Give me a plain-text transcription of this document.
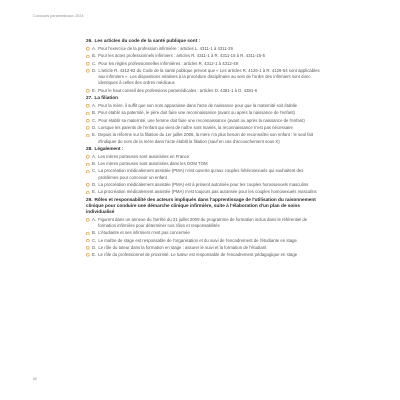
Concours paramédicaux 2024
26. Les articles du code de la santé publique sont :
A. Pour l'exercice de la profession infirmière : articles L. 4311-1 à 4311-29
B. Pour les actes professionnels infirmiers : articles R. 4311-1 à R. 4311-15 à R. 4311-15-5
C. Pour les règles professionnelles infirmières : articles R. 4312-1 à 4312-49
D. L'article R. 4312-92 du Code de la santé publique prévoit que « Les articles R. 4126-1 à R. 4126-54 sont applicables aux infirmiers ». Les dispositions relatives à la procédure disciplinaire au sein de l'ordre des infirmiers sont donc identiques à celles des ordres médicaux
E. Pour le haut conseil des professions paramédicales : articles D. 4381-1 à D. 4381-6
27. La filiation
A. Pour la mère, il suffit que son nom apparaisse dans l'acte de naissance pour que la maternité soit établie
B. Pour établir sa paternité, le père doit faire une reconnaissance (avant ou après la naissance de l'enfant)
C. Pour établir sa maternité, une femme doit faire une reconnaissance (avant ou après la naissance de l'enfant)
D. Lorsque les parents de l'enfant qui vient de naître sont mariés, la reconnaissance n'est pas nécessaire
E. Depuis la réforme sur la filiation du 1er juillet 2006, la mère n'a plus besoin de reconnaître son enfant : le seul fait d'indiquer du nom de la mère dans l'acte établit la filiation (sauf en cas d'accouchement sous X)
28. Légalement :
A. Les mères porteuses sont autorisées en France
B. Les mères porteuses sont autorisées dans les DOM TOM
C. La procréation médicalement assistée (PMA) n'est ouverte qu'aux couples hétérosexuels qui souhaitent des problèmes pour concevoir un enfant
D. La procréation médicalement assistée (PMA) est à présent autorisée pour les couples homosexuels masculins
E. La procréation médicalement assistée (PMA) n'est toujours pas autorisée pour les couples homosexuels masculins
29. Rôles et responsabilité des acteurs impliqués dans l'apprentissage de l'utilisation du raisonnement clinique pour conduire une démarche clinique infirmière, suite à l'élaboration d'un plan de soins individualisé
A. Figurent dans un annexe du l'arrêté du 31 juillet 2009 du programme de formation inclus dans le référentiel de formation infirmière pour déterminer nos rôles et responsabilités
B. L'étudiante et ses infirmiers n'est pas concernée
C. Le maître de stage est responsable de l'organisation et du suivi de l'encadrement de l'étudiante en stage
D. Le rôle du tuteur dans la formation en stage : assurer le suivi et la formation de l'étudiant
E. Le rôle du professionnel de proximité. Le tuteur est responsable de l'encadrement pédagogique en stage
80
